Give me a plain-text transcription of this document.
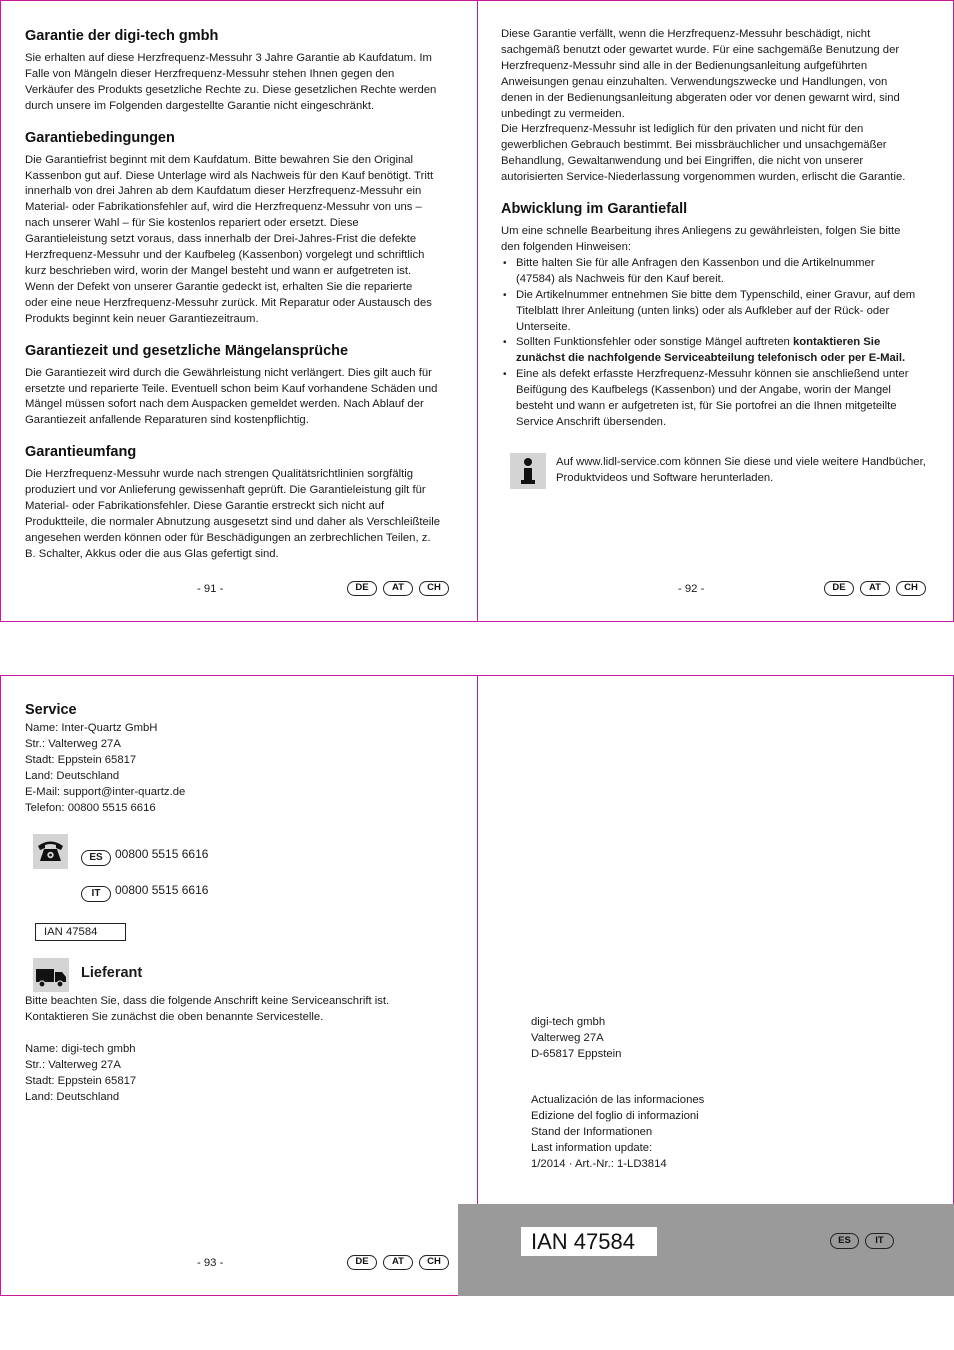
Garantie der digi-tech gmbh

Sie erhalten auf diese Herzfrequenz-Messuhr 3 Jahre Garantie ab Kaufdatum. Im
Falle von Mängeln dieser Herzfrequenz-Messuhr stehen Ihnen gegen den
Verkäufer des Produkts gesetzliche Rechte zu. Diese gesetzlichen Rechte werden
durch unsere im Folgenden dargestellte Garantie nicht eingeschränkt.

Garantiebedingungen

Die Garantiefrist beginnt mit dem Kaufdatum. Bitte bewahren Sie den Original
Kassenbon gut auf. Diese Unterlage wird als Nachweis für den Kauf benötigt. Tritt
innerhalb von drei Jahren ab dem Kaufdatum dieser Herzfrequenz-Messuhr ein
Material- oder Fabrikationsfehler auf, wird die Herzfrequenz-Messuhr von uns –
nach unserer Wahl – für Sie kostenlos repariert oder ersetzt. Diese
Garantieleistung setzt voraus, dass innerhalb der Drei-Jahres-Frist die defekte
Herzfrequenz-Messuhr und der Kaufbeleg (Kassenbon) vorgelegt und schriftlich
kurz beschrieben wird, worin der Mangel besteht und wann er aufgetreten ist.
Wenn der Defekt von unserer Garantie gedeckt ist, erhalten Sie die reparierte
oder eine neue Herzfrequenz-Messuhr zurück. Mit Reparatur oder Austausch des
Produkts beginnt kein neuer Garantiezeitraum.

Garantiezeit und gesetzliche Mängelansprüche

Die Garantiezeit wird durch die Gewährleistung nicht verlängert. Dies gilt auch für
ersetzte und reparierte Teile. Eventuell schon beim Kauf vorhandene Schäden und
Mängel müssen sofort nach dem Auspacken gemeldet werden. Nach Ablauf der
Garantiezeit anfallende Reparaturen sind kostenpflichtig.

Garantieumfang

Die Herzfrequenz-Messuhr wurde nach strengen Qualitätsrichtlinien sorgfältig
produziert und vor Anlieferung gewissenhaft geprüft. Die Garantieleistung gilt für
Material- oder Fabrikationsfehler. Diese Garantie erstreckt sich nicht auf
Produktteile, die normaler Abnutzung ausgesetzt sind und daher als Verschleißteile
angesehen werden können oder für Beschädigungen an zerbrechlichen Teilen, z.
B. Schalter, Akkus oder die aus Glas gefertigt sind.

- 91 -	DE	AT	CH

Diese Garantie verfällt, wenn die Herzfrequenz-Messuhr beschädigt, nicht
sachgemäß benutzt oder gewartet wurde. Für eine sachgemäße Benutzung der
Herzfrequenz-Messuhr sind alle in der Bedienungsanleitung aufgeführten
Anweisungen genau einzuhalten. Verwendungszwecke und Handlungen, von
denen in der Bedienungsanleitung abgeraten oder vor denen gewarnt wird, sind
unbedingt zu vermeiden.
Die Herzfrequenz-Messuhr ist lediglich für den privaten und nicht für den
gewerblichen Gebrauch bestimmt. Bei missbräuchlicher und unsachgemäßer
Behandlung, Gewaltanwendung und bei Eingriffen, die nicht von unserer
autorisierten Service-Niederlassung vorgenommen wurden, erlischt die Garantie.

Abwicklung im Garantiefall

Um eine schnelle Bearbeitung ihres Anliegens zu gewährleisten, folgen Sie bitte
den folgenden Hinweisen:

• Bitte halten Sie für alle Anfragen den Kassenbon und die Artikelnummer
(47584) als Nachweis für den Kauf bereit.
• Die Artikelnummer entnehmen Sie bitte dem Typenschild, einer Gravur, auf dem
Titelblatt Ihrer Anleitung (unten links) oder als Aufkleber auf der Rück- oder
Unterseite.
• Sollten Funktionsfehler oder sonstige Mängel auftreten kontaktieren Sie
zunächst die nachfolgende Serviceabteilung telefonisch oder per E-Mail.
• Eine als defekt erfasste Herzfrequenz-Messuhr können sie anschließend unter
Beifügung des Kaufbelegs (Kassenbon) und der Angabe, worin der Mangel
besteht und wann er aufgetreten ist, für Sie portofrei an die Ihnen mitgeteilte
Service Anschrift übersenden.

Auf www.lidl-service.com können Sie diese und viele weitere Handbücher,
Produktvideos und Software herunterladen.

- 92 -	DE	AT	CH
Service

Name: Inter-Quartz GmbH
Str.: Valterweg 27A
Stadt: Eppstein 65817
Land: Deutschland
E-Mail: support@inter-quartz.de
Telefon: 00800 5515 6616

ES 00800 5515 6616
IT 00800 5515 6616
IAN 47584
Lieferant

Bitte beachten Sie, dass die folgende Anschrift keine Serviceanschrift ist.
Kontaktieren Sie zunächst die oben benannte Servicestelle.

Name: digi-tech gmbh
Str.: Valterweg 27A
Stadt: Eppstein 65817
Land: Deutschland

- 93 -	DE	AT	CH
digi-tech gmbh
Valterweg 27A
D-65817 Eppstein
Actualización de las informaciones
Edizione del foglio di informazioni
Stand der Informationen
Last information update:
1/2014 · Art.-Nr.: 1-LD3814
IAN 47584	ES	IT
